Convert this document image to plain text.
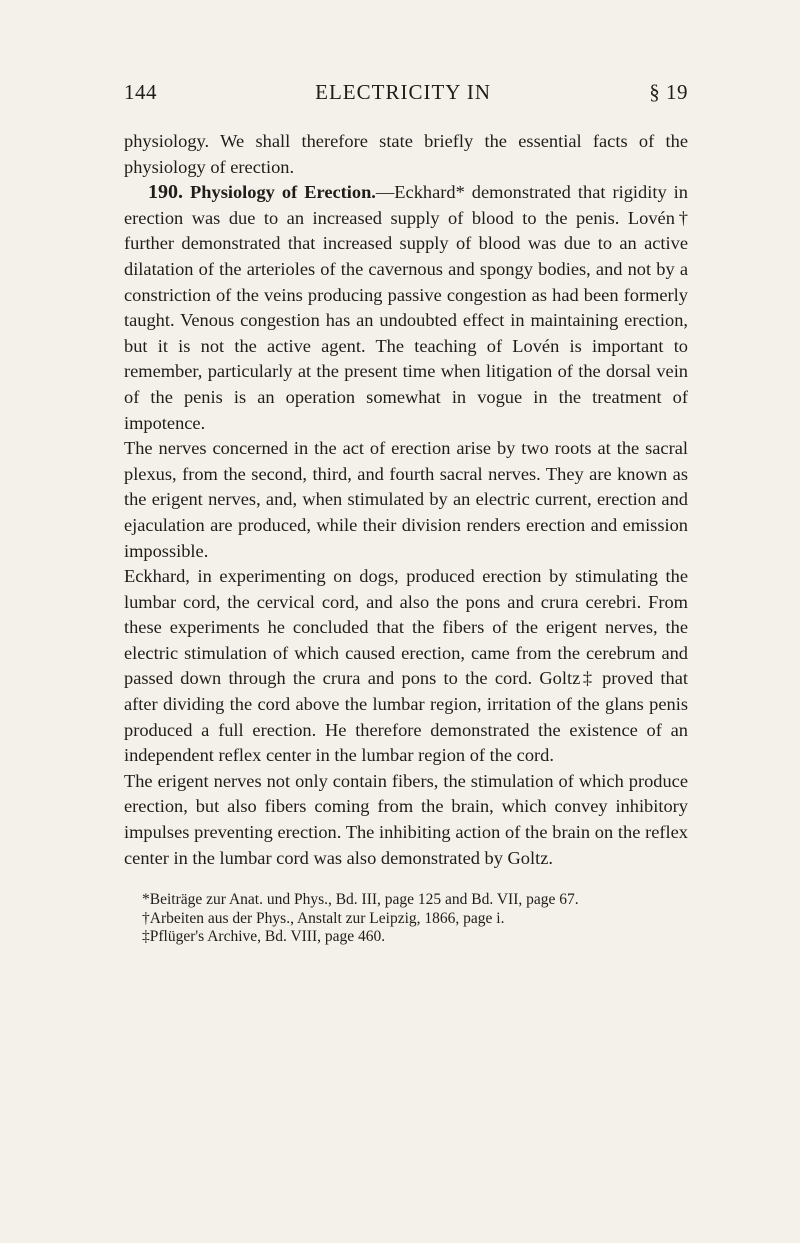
144	ELECTRICITY IN	§ 19

physiology. We shall therefore state briefly the essential facts of the physiology of erection.

190. Physiology of Erection.—Eckhard* demonstrated that rigidity in erection was due to an increased supply of blood to the penis. Lovén† further demonstrated that increased supply of blood was due to an active dilatation of the arterioles of the cavernous and spongy bodies, and not by a constriction of the veins producing passive congestion as had been formerly taught. Venous congestion has an undoubted effect in maintaining erection, but it is not the active agent. The teaching of Lovén is important to remember, particularly at the present time when litigation of the dorsal vein of the penis is an operation somewhat in vogue in the treatment of impotence.

The nerves concerned in the act of erection arise by two roots at the sacral plexus, from the second, third, and fourth sacral nerves. They are known as the erigent nerves, and, when stimulated by an electric current, erection and ejaculation are produced, while their division renders erection and emission impossible.

Eckhard, in experimenting on dogs, produced erection by stimulating the lumbar cord, the cervical cord, and also the pons and crura cerebri. From these experiments he concluded that the fibers of the erigent nerves, the electric stimulation of which caused erection, came from the cerebrum and passed down through the crura and pons to the cord. Goltz‡ proved that after dividing the cord above the lumbar region, irritation of the glans penis produced a full erection. He therefore demonstrated the existence of an independent reflex center in the lumbar region of the cord.

The erigent nerves not only contain fibers, the stimulation of which produce erection, but also fibers coming from the brain, which convey inhibitory impulses preventing erection. The inhibiting action of the brain on the reflex center in the lumbar cord was also demonstrated by Goltz.

*Beiträge zur Anat. und Phys., Bd. III, page 125 and Bd. VII, page 67.

†Arbeiten aus der Phys., Anstalt zur Leipzig, 1866, page i.

‡Pflüger's Archive, Bd. VIII, page 460.
